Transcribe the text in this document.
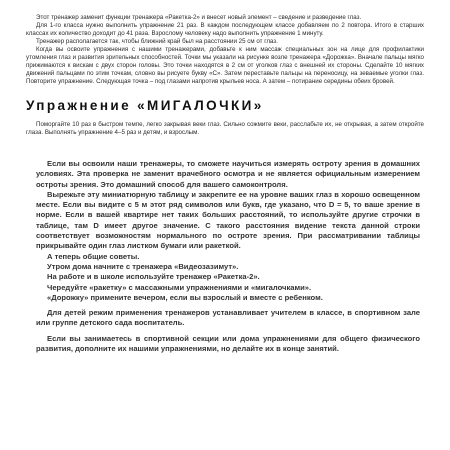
Этот тренажер заменит функции тренажера «Ракетка-2» и внесет новый элемент – сведение и разведение глаз.

Для 1-го класса нужно выполнить упражнение 21 раз. В каждом последующем классе добавляем по 2 повтора. Итого в старших классах их количество доходит до 41 раза. Взрослому человеку надо выполнить упражнение 1 минуту.

Тренажер располагается так, чтобы ближний край был на расстоянии 25 см от глаз.

Когда вы освоите упражнения с нашими тренажерами, добавьте к ним массаж специальных зон на лице для профилактики утомления глаз и развития зрительных способностей. Точки мы указали на рисунке возле тренажера «Дорожка». Вначале пальцы мягко прижимаются к вискам с двух сторон головы. Это точки находятся в 2 см от уголков глаз с внешней их стороны. Сделайте 10 мягких движений пальцами по этим точкам, словно вы рисуете букву «С». Затем переставьте пальцы на переносицу, на зеваемые уголки глаз. Повторите упражнение. Следующая точка – под глазами напротив крыльев носа. А затем – потирание середины обеих бровей.

Упражнение «МИГАЛОЧКИ»

Поморгайте 10 раз в быстром темпе, легко закрывая веки глаз. Сильно сожмите веки, расслабьте их, не открывая, а затем откройте глаза. Выполнять упражнение 4–5 раз и детям, и взрослым.

Если вы освоили наши тренажеры, то сможете научиться измерять остроту зрения в домашних условиях. Эта проверка не заменит врачебного осмотра и не является официальным измерением остроты зрения. Это домашний способ для вашего самоконтроля.

Вырежьте эту миниатюрную таблицу и закрепите ее на уровне ваших глаз в хорошо освещенном месте. Если вы видите с 5 м этот ряд символов или букв, где указано, что D = 5, то ваше зрение в норме. Если в вашей квартире нет таких больших расстояний, то используйте другие строчки в таблице, там D имеет другое значение. С такого расстояния видение текста данной строки соответствует возможностям нормального по остроте зрения. При рассматривании таблицы прикрывайте один глаз листком бумаги или ракеткой.

А теперь общие советы.

Утром дома начните с тренажера «Видеозазимут».

На работе и в школе используйте тренажер «Ракетка-2».

Чередуйте «ракетку» с массажными упражнениями и «мигалочками».

«Дорожку» примените вечером, если вы взрослый и вместе с ребенком.

Для детей режим применения тренажеров устанавливает учителем в классе, в спортивном зале или группе детского сада воспитатель.

Если вы занимаетесь в спортивной секции или дома упражнениями для общего физического развития, дополните их нашими упражнениями, но делайте их в конце занятий.
